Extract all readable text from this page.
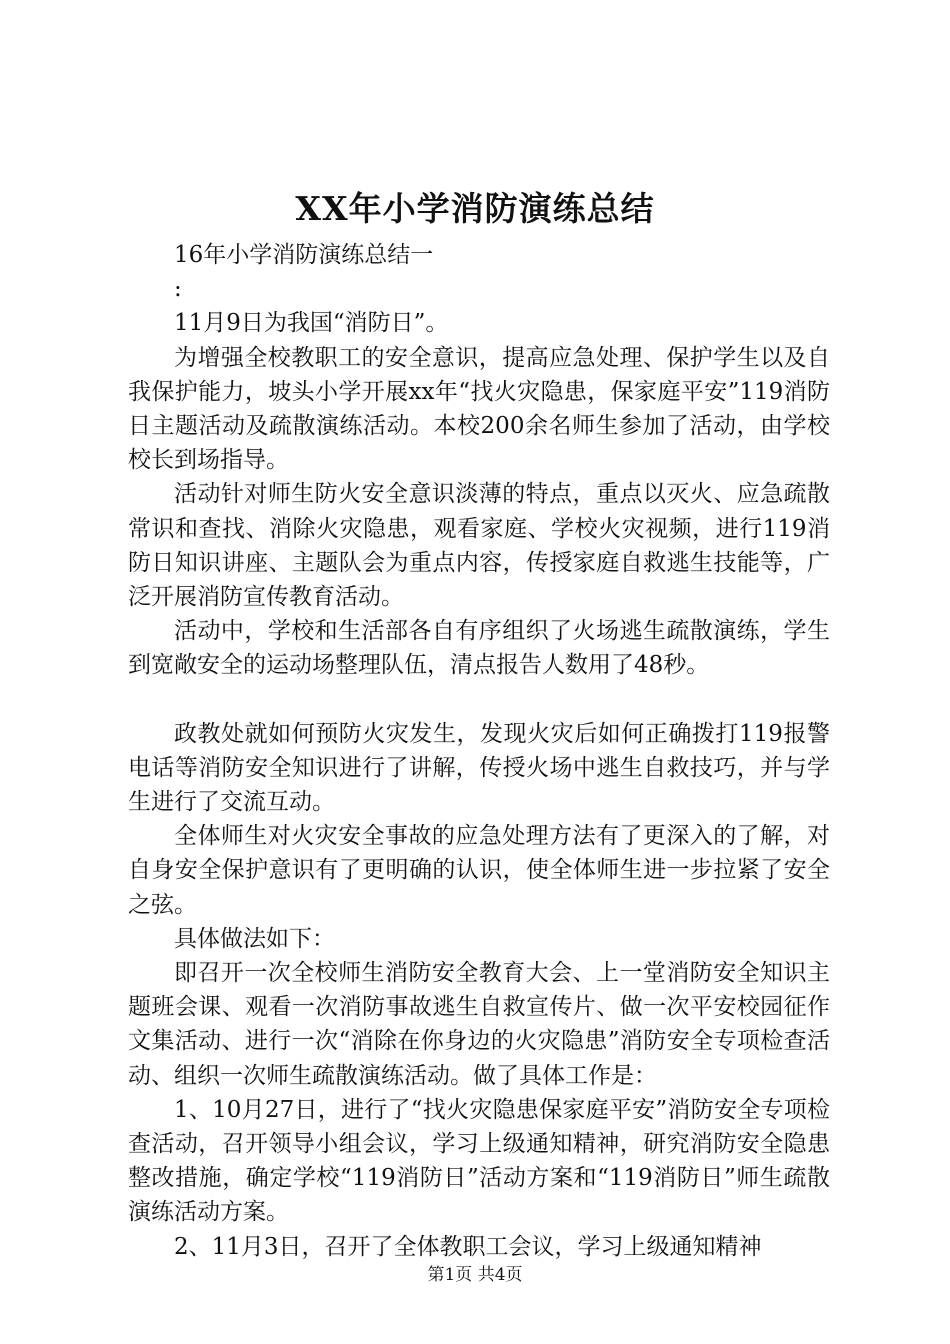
XX年小学消防演练总结

16年小学消防演练总结一

:

11月9日为我国“消防日”。

为增强全校教职工的安全意识，提高应急处理、保护学生以及自我保护能力，坡头小学开展xx年“找火灾隐患，保家庭平安”119消防日主题活动及疏散演练活动。本校200余名师生参加了活动，由学校校长到场指导。

活动针对师生防火安全意识淡薄的特点，重点以灭火、应急疏散常识和查找、消除火灾隐患，观看家庭、学校火灾视频，进行119消防日知识讲座、主题队会为重点内容，传授家庭自救逃生技能等，广泛开展消防宣传教育活动。

活动中，学校和生活部各自有序组织了火场逃生疏散演练，学生到宽敞安全的运动场整理队伍，清点报告人数用了48秒。

政教处就如何预防火灾发生，发现火灾后如何正确拨打119报警电话等消防安全知识进行了讲解，传授火场中逃生自救技巧，并与学生进行了交流互动。

全体师生对火灾安全事故的应急处理方法有了更深入的了解，对自身安全保护意识有了更明确的认识，使全体师生进一步拉紧了安全之弦。

具体做法如下：

即召开一次全校师生消防安全教育大会、上一堂消防安全知识主题班会课、观看一次消防事故逃生自救宣传片、做一次平安校园征作文集活动、进行一次“消除在你身边的火灾隐患”消防安全专项检查活动、组织一次师生疏散演练活动。做了具体工作是：

1、10月27日，进行了“找火灾隐患保家庭平安”消防安全专项检查活动，召开领导小组会议，学习上级通知精神，研究消防安全隐患整改措施，确定学校“119消防日”活动方案和“119消防日”师生疏散演练活动方案。

2、11月3日，召开了全体教职工会议，学习上级通知精神

第1页 共4页
